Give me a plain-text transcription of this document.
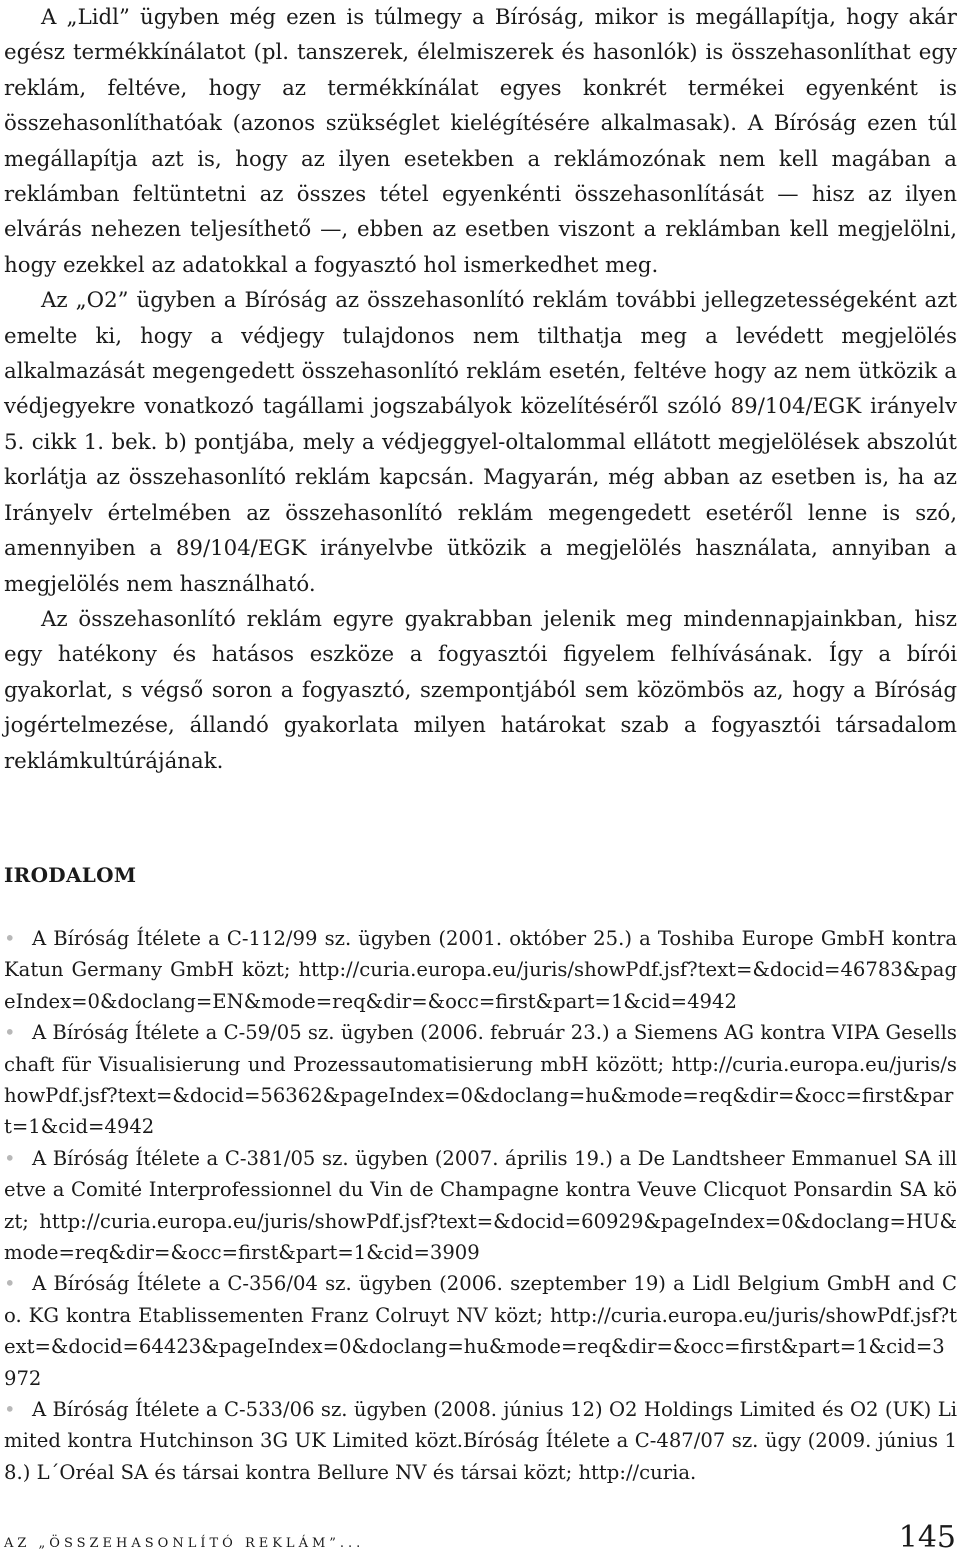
A „Lidl” ügyben még ezen is túlmegy a Bíróság, mikor is megállapítja, hogy akár egész termékkínálatot (pl. tanszerek, élelmiszerek és hasonlók) is összehasonlíthat egy reklám, feltéve, hogy az termékkínálat egyes konkrét termékei egyenként is összehasonlíthatóak (azonos szükséglet kielégítésére alkalmasak). A Bíróság ezen túl megállapítja azt is, hogy az ilyen esetekben a reklámozónak nem kell magában a reklámban feltüntetni az összes tétel egyenkénti összehasonlítását — hisz az ilyen elvárás nehezen teljesíthető —, ebben az esetben viszont a reklámban kell megjelölni, hogy ezekkel az adatokkal a fogyasztó hol ismerkedhet meg.

Az „O2” ügyben a Bíróság az összehasonlító reklám további jellegzetességeként azt emelte ki, hogy a védjegy tulajdonos nem tilthatja meg a levédett megjelölés alkalmazását megengedett összehasonlító reklám esetén, feltéve hogy az nem ütközik a védjegyekre vonatkozó tagállami jogszabályok közelítéséről szóló 89/104/EGK irányelv 5. cikk 1. bek. b) pontjába, mely a védjeggyel-oltalommal ellátott megjelölések abszolút korlátja az összehasonlító reklám kapcsán. Magyarán, még abban az esetben is, ha az Irányelv értelmében az összehasonlító reklám megengedett esetéről lenne is szó, amennyiben a 89/104/EGK irányelvbe ütközik a megjelölés használata, annyiban a megjelölés nem használható.

Az összehasonlító reklám egyre gyakrabban jelenik meg mindennapjainkban, hisz egy hatékony és hatásos eszköze a fogyasztói figyelem felhívásának. Így a bírói gyakorlat, s végső soron a fogyasztó, szempontjából sem közömbös az, hogy a Bíróság jogértelmezése, állandó gyakorlata milyen határokat szab a fogyasztói társadalom reklámkultúrájának.

IRODALOM
• A Bíróság Ítélete a C-112/99 sz. ügyben (2001. október 25.) a Toshiba Europe GmbH kontra Katun Germany GmbH közt; http://curia.europa.eu/juris/showPdf.jsf?text=&docid=46783&pageIndex=0&doclang=EN&mode=req&dir=&occ=first&part=1&cid=4942
• A Bíróság Ítélete a C-59/05 sz. ügyben (2006. február 23.) a Siemens AG kontra VIPA Gesellschaft für Visualisierung und Prozessautomatisierung mbH között; http://curia.europa.eu/juris/showPdf.jsf?text=&docid=56362&pageIndex=0&doclang=hu&mode=req&dir=&occ=first&part=1&cid=4942
• A Bíróság Ítélete a C-381/05 sz. ügyben (2007. április 19.) a De Landtsheer Emmanuel SA illetve a Comité Interprofessionnel du Vin de Champagne kontra Veuve Clicquot Ponsardin SA közt; http://curia.europa.eu/juris/showPdf.jsf?text=&docid=60929&pageIndex=0&doclang=HU&mode=req&dir=&occ=first&part=1&cid=3909
• A Bíróság Ítélete a C-356/04 sz. ügyben (2006. szeptember 19) a Lidl Belgium GmbH and Co. KG kontra Etablissementen Franz Colruyt NV közt; http://curia.europa.eu/juris/showPdf.jsf?text=&docid=64423&pageIndex=0&doclang=hu&mode=req&dir=&occ=first&part=1&cid=3972
• A Bíróság Ítélete a C-533/06 sz. ügyben (2008. június 12) O2 Holdings Limited és O2 (UK) Limited kontra Hutchinson 3G UK Limited közt.Bíróság Ítélete a C-487/07 sz. ügy (2009. június 18.) L´Oréal SA és társai kontra Bellure NV és társai közt; http://curia.
AZ „ÖSSZEHASONLÍTÓ REKLÁM”...	145
